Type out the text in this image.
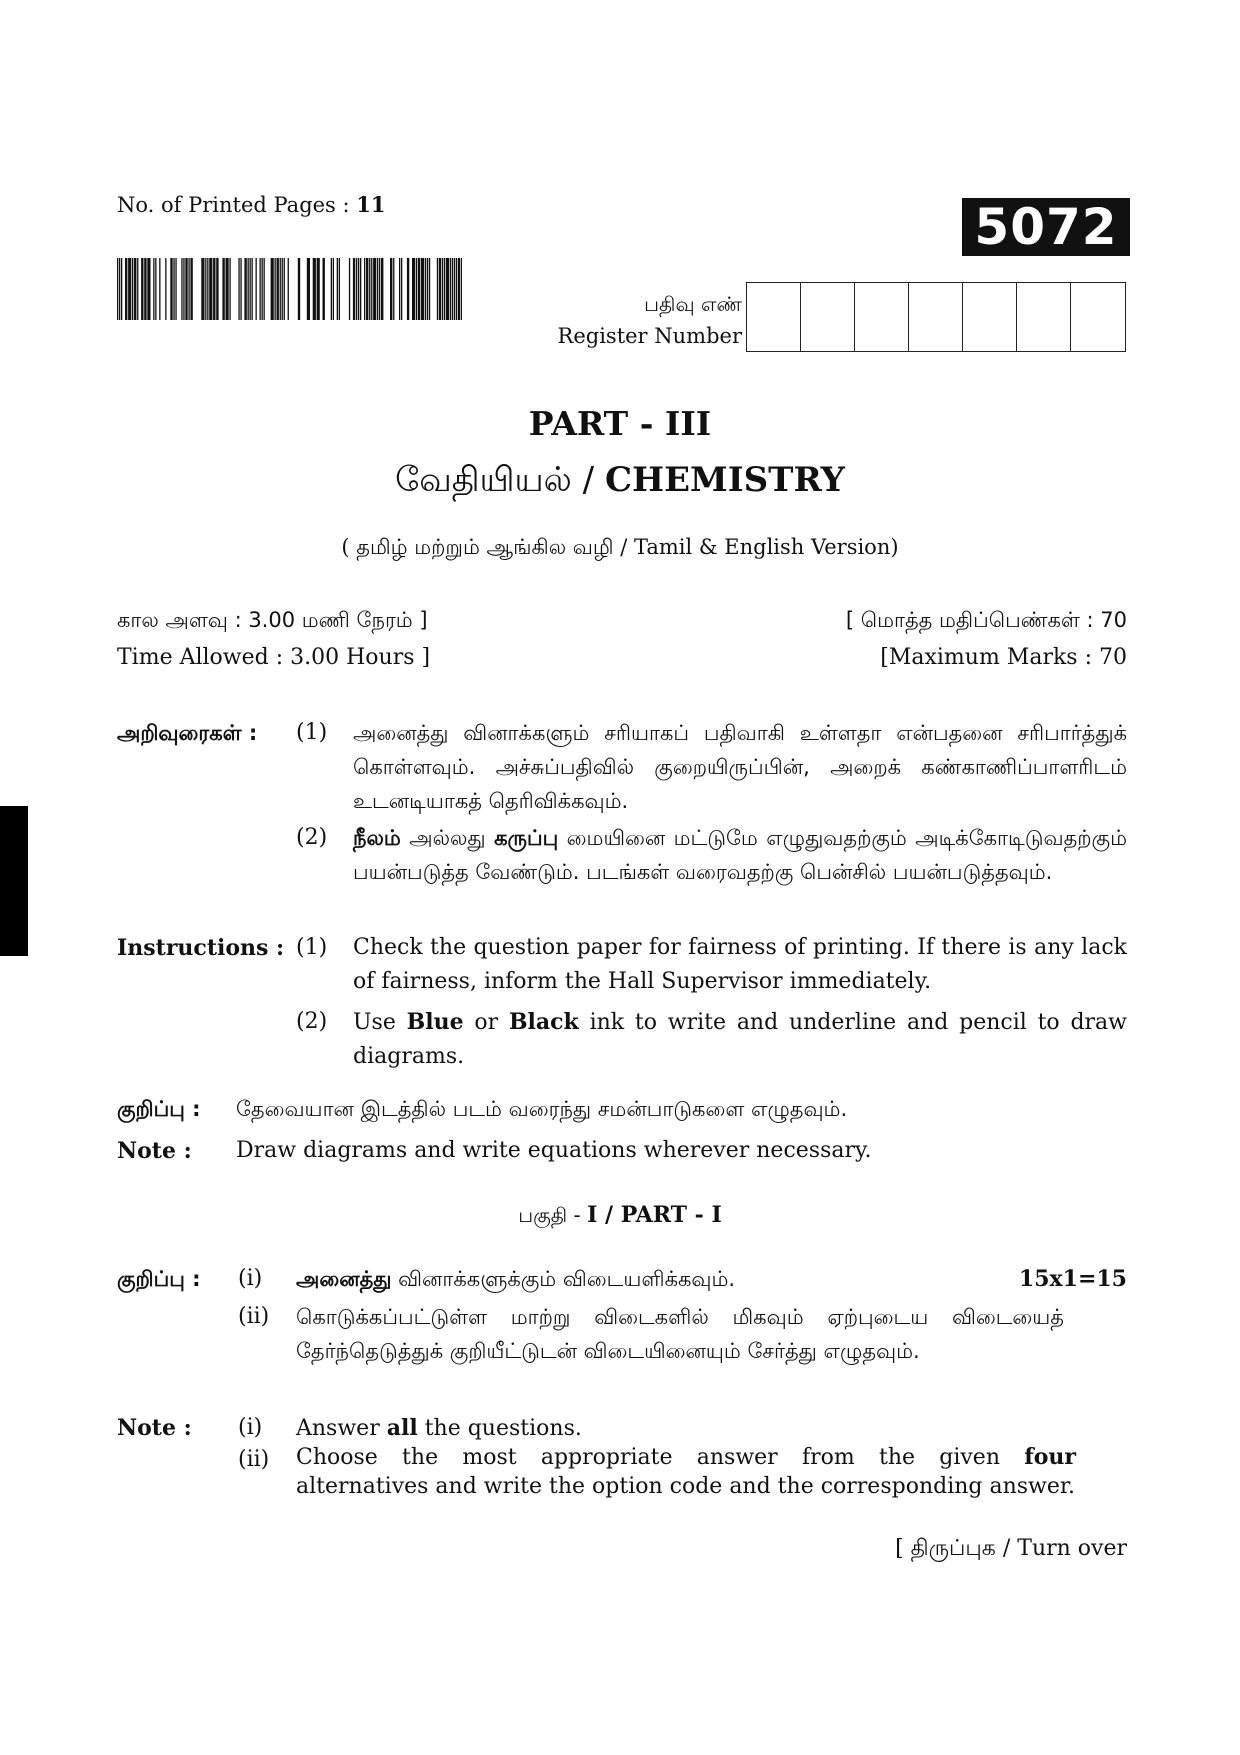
No. of Printed Pages : 11	5072
பதிவு எண்
Register Number
PART - III
வேதியியல் / CHEMISTRY
( தமிழ் மற்றும் ஆங்கில வழி / Tamil & English Version)
கால அளவு : 3.00 மணி நேரம் ]
Time Allowed : 3.00 Hours ]
[ மொத்த மதிப்பெண்கள் : 70
[Maximum Marks : 70
அறிவுரைகள் : (1) அனைத்து வினாக்களும் சரியாகப் பதிவாகி உள்ளதா என்பதனை சரிபார்த்துக் கொள்ளவும். அச்சுப்பதிவில் குறையிருப்பின், அறைக் கண்காணிப்பாளரிடம் உடனடியாகத் தெரிவிக்கவும்.
(2) நீலம் அல்லது கருப்பு மையினை மட்டுமே எழுதுவதற்கும் அடிக்கோடிடுவதற்கும் பயன்படுத்த வேண்டும். படங்கள் வரைவதற்கு பென்சில் பயன்படுத்தவும்.
Instructions : (1) Check the question paper for fairness of printing. If there is any lack of fairness, inform the Hall Supervisor immediately.
(2) Use Blue or Black ink to write and underline and pencil to draw diagrams.
குறிப்பு : தேவையான இடத்தில் படம் வரைந்து சமன்பாடுகளை எழுதவும்.
Note : Draw diagrams and write equations wherever necessary.
பகுதி - I / PART - I
குறிப்பு : (i) அனைத்து வினாக்களுக்கும் விடையளிக்கவும்.	15x1=15
(ii) கொடுக்கப்பட்டுள்ள மாற்று விடைகளில் மிகவும் ஏற்புடைய விடையைத் தேர்ந்தெடுத்துக் குறியீட்டுடன் விடையினையும் சேர்த்து எழுதவும்.
Note : (i) Answer all the questions.
(ii) Choose the most appropriate answer from the given four alternatives and write the option code and the corresponding answer.
[ திருப்புக / Turn over
